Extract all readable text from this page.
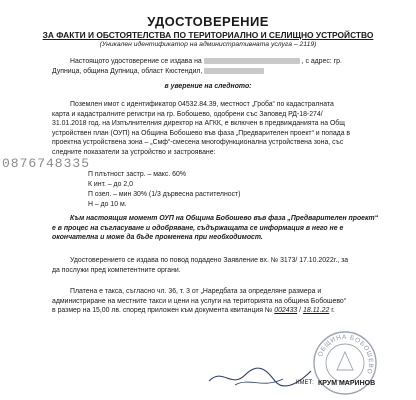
УДОСТОВЕРЕНИЕ
ЗА ФАКТИ И ОБСТОЯТЕЛСТВА ПО ТЕРИТОРИАЛНО И СЕЛИЩНО УСТРОЙСТВО
(Уникален идентификатор на административната услуга – 2119)
Настоящото удостоверение се издава на	, с адрес: гр.
Дупница, община Дупница, област Кюстендил,
в уверение на следното:
Поземлен имот с идентификатор 04532.84.39, местност „Гроба“ по кадастралната
карта и кадастралните регистри на гр. Бобошево, одобрени със Заповед РД-18-274/
31.01.2018 год. на Изпълнителния директор на АГКК, е включен в предвижданията на Общ
устройствен план (ОУП) на Община Бобошево във фаза „Предварителен проект“ и попада в
проектна устройствена зона – „Смф“-смесена многофункционална устройствена зона, със
следните показатели за устройство и застрояване:
П плътност застр. – макс. 60%
К инт. – до 2,0
П озел. – мин 30% (1/3 дървесна растителност)
Н – до 10 м.
Към настоящия момент ОУП на Община Бобошево във фаза „Предварителен проект“
е в процес на съгласуване и одобряване, съдържащата се информация в него не е
окончателна и може да бъде променена при необходимост.
Удостоверението се издава по повод подадено Заявление вх. № 3173/ 17.10.2022г., за
да послужи пред компетентните органи.
Платена е такса, съгласно чл. 36, т. 3 от „Наредбата за определяне размера и
администриране на местните такси и цени на услуги на територията на община Бобошево“
в размер на 15,00 лв. според приложен към документа квитанция № 002433 / 18.11.22 г.
0876748335
ОБЩИНА БОБОШЕВО
КМЕТ: КРУМ МАРИНОВ
